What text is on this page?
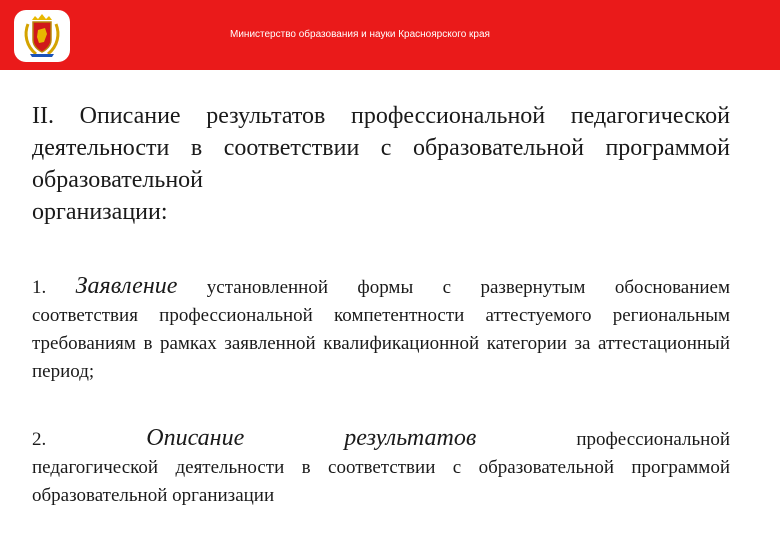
Министерство образования и науки Красноярского края
II. Описание результатов профессиональной педагогической деятельности в соответствии с образовательной программой образовательной
организации:
1. Заявление установленной формы с развернутым обоснованием
соответствия профессиональной компетентности аттестуемого региональным требованиям в рамках заявленной квалификационной категории за аттестационный период;
2.	Описание	результатов	профессиональной
педагогической деятельности в соответствии с образовательной программой образовательной организации
